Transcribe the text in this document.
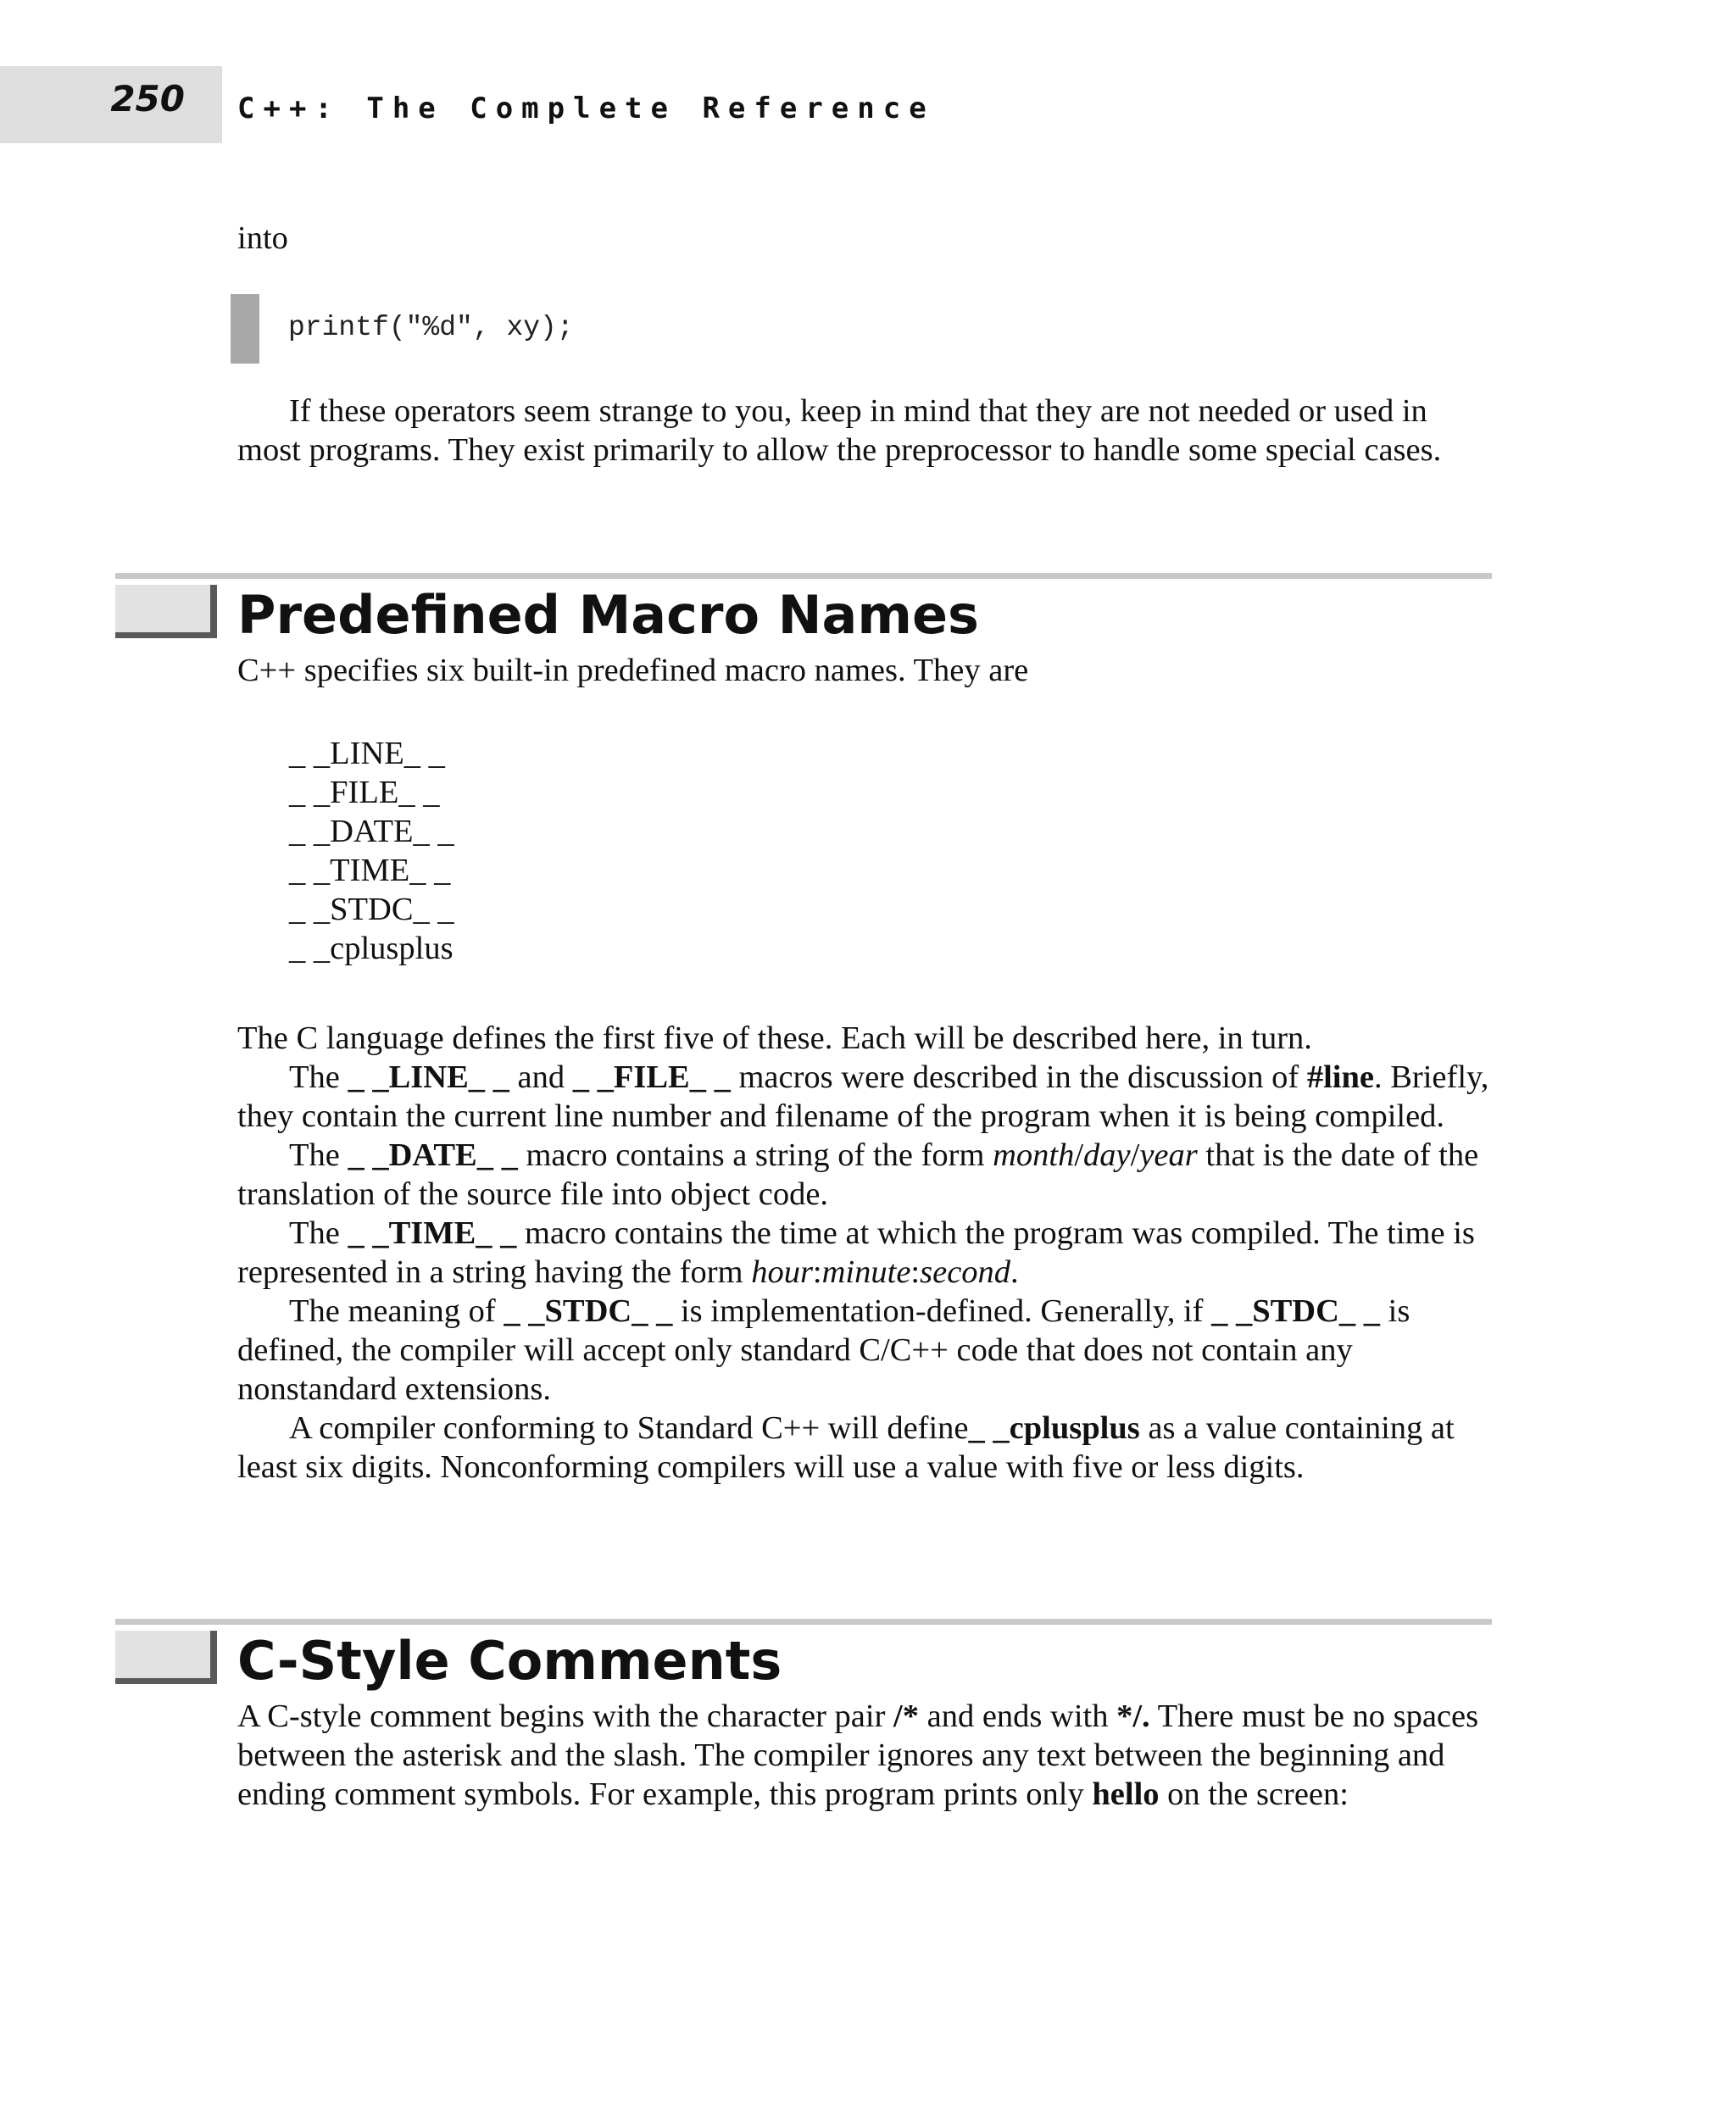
250 C++: The Complete Reference

into

printf("%d", xy);

If these operators seem strange to you, keep in mind that they are not needed or used in most programs. They exist primarily to allow the preprocessor to handle some special cases.

Predefined Macro Names

C++ specifies six built-in predefined macro names. They are

_ _LINE_ _
_ _FILE_ _
_ _DATE_ _
_ _TIME_ _
_ _STDC_ _
_ _cplusplus

The C language defines the first five of these. Each will be described here, in turn.

The _ _LINE_ _ and _ _FILE_ _ macros were described in the discussion of #line. Briefly, they contain the current line number and filename of the program when it is being compiled.

The _ _DATE_ _ macro contains a string of the form month/day/year that is the date of the translation of the source file into object code.

The _ _TIME_ _ macro contains the time at which the program was compiled. The time is represented in a string having the form hour:minute:second.

The meaning of _ _STDC_ _ is implementation-defined. Generally, if _ _STDC_ _ is defined, the compiler will accept only standard C/C++ code that does not contain any nonstandard extensions.

A compiler conforming to Standard C++ will define_ _cplusplus as a value containing at least six digits. Nonconforming compilers will use a value with five or less digits.

C-Style Comments

A C-style comment begins with the character pair /* and ends with */. There must be no spaces between the asterisk and the slash. The compiler ignores any text between the beginning and ending comment symbols. For example, this program prints only hello on the screen:
